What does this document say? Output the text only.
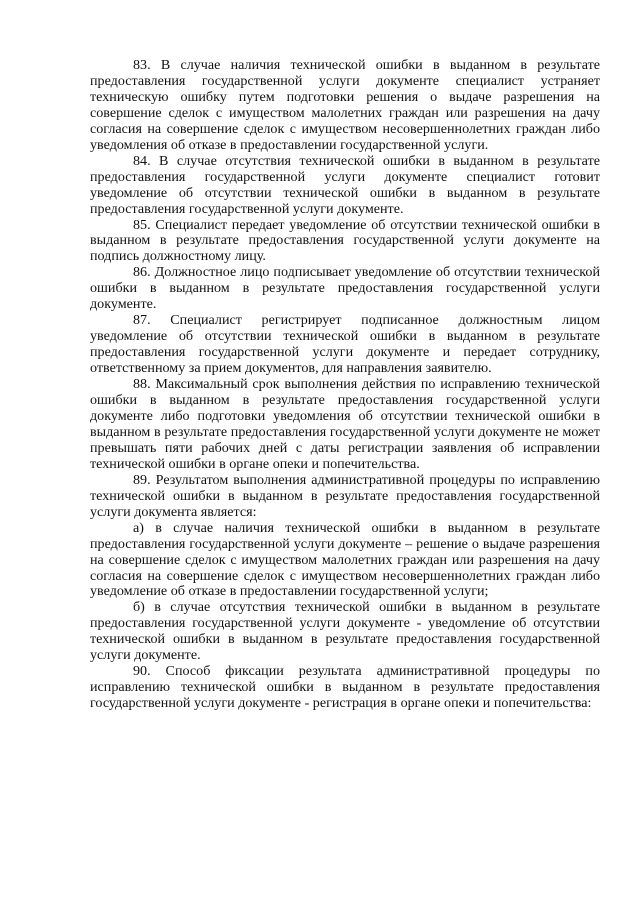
83. В случае наличия технической ошибки в выданном в результате предоставления государственной услуги документе специалист устраняет техническую ошибку путем подготовки решения о выдаче разрешения на совершение сделок с имуществом малолетних граждан или разрешения на дачу согласия на совершение сделок с имуществом несовершеннолетних граждан либо уведомления об отказе в предоставлении государственной услуги.

84. В случае отсутствия технической ошибки в выданном в результате предоставления государственной услуги документе специалист готовит уведомление об отсутствии технической ошибки в выданном в результате предоставления государственной услуги документе.

85. Специалист передает уведомление об отсутствии технической ошибки в выданном в результате предоставления государственной услуги документе на подпись должностному лицу.

86. Должностное лицо подписывает уведомление об отсутствии технической ошибки в выданном в результате предоставления государственной услуги документе.

87. Специалист регистрирует подписанное должностным лицом уведомление об отсутствии технической ошибки в выданном в результате предоставления государственной услуги документе и передает сотруднику, ответственному за прием документов, для направления заявителю.

88. Максимальный срок выполнения действия по исправлению технической ошибки в выданном в результате предоставления государственной услуги документе либо подготовки уведомления об отсутствии технической ошибки в выданном в результате предоставления государственной услуги документе не может превышать пяти рабочих дней с даты регистрации заявления об исправлении технической ошибки в органе опеки и попечительства.

89. Результатом выполнения административной процедуры по исправлению технической ошибки в выданном в результате предоставления государственной услуги документа является:

а) в случае наличия технической ошибки в выданном в результате предоставления государственной услуги документе – решение о выдаче разрешения на совершение сделок с имуществом малолетних граждан или разрешения на дачу согласия на совершение сделок с имуществом несовершеннолетних граждан либо уведомление об отказе в предоставлении государственной услуги;

б) в случае отсутствия технической ошибки в выданном в результате предоставления государственной услуги документе - уведомление об отсутствии технической ошибки в выданном в результате предоставления государственной услуги документе.

90. Способ фиксации результата административной процедуры по исправлению технической ошибки в выданном в результате предоставления государственной услуги документе - регистрация в органе опеки и попечительства:
